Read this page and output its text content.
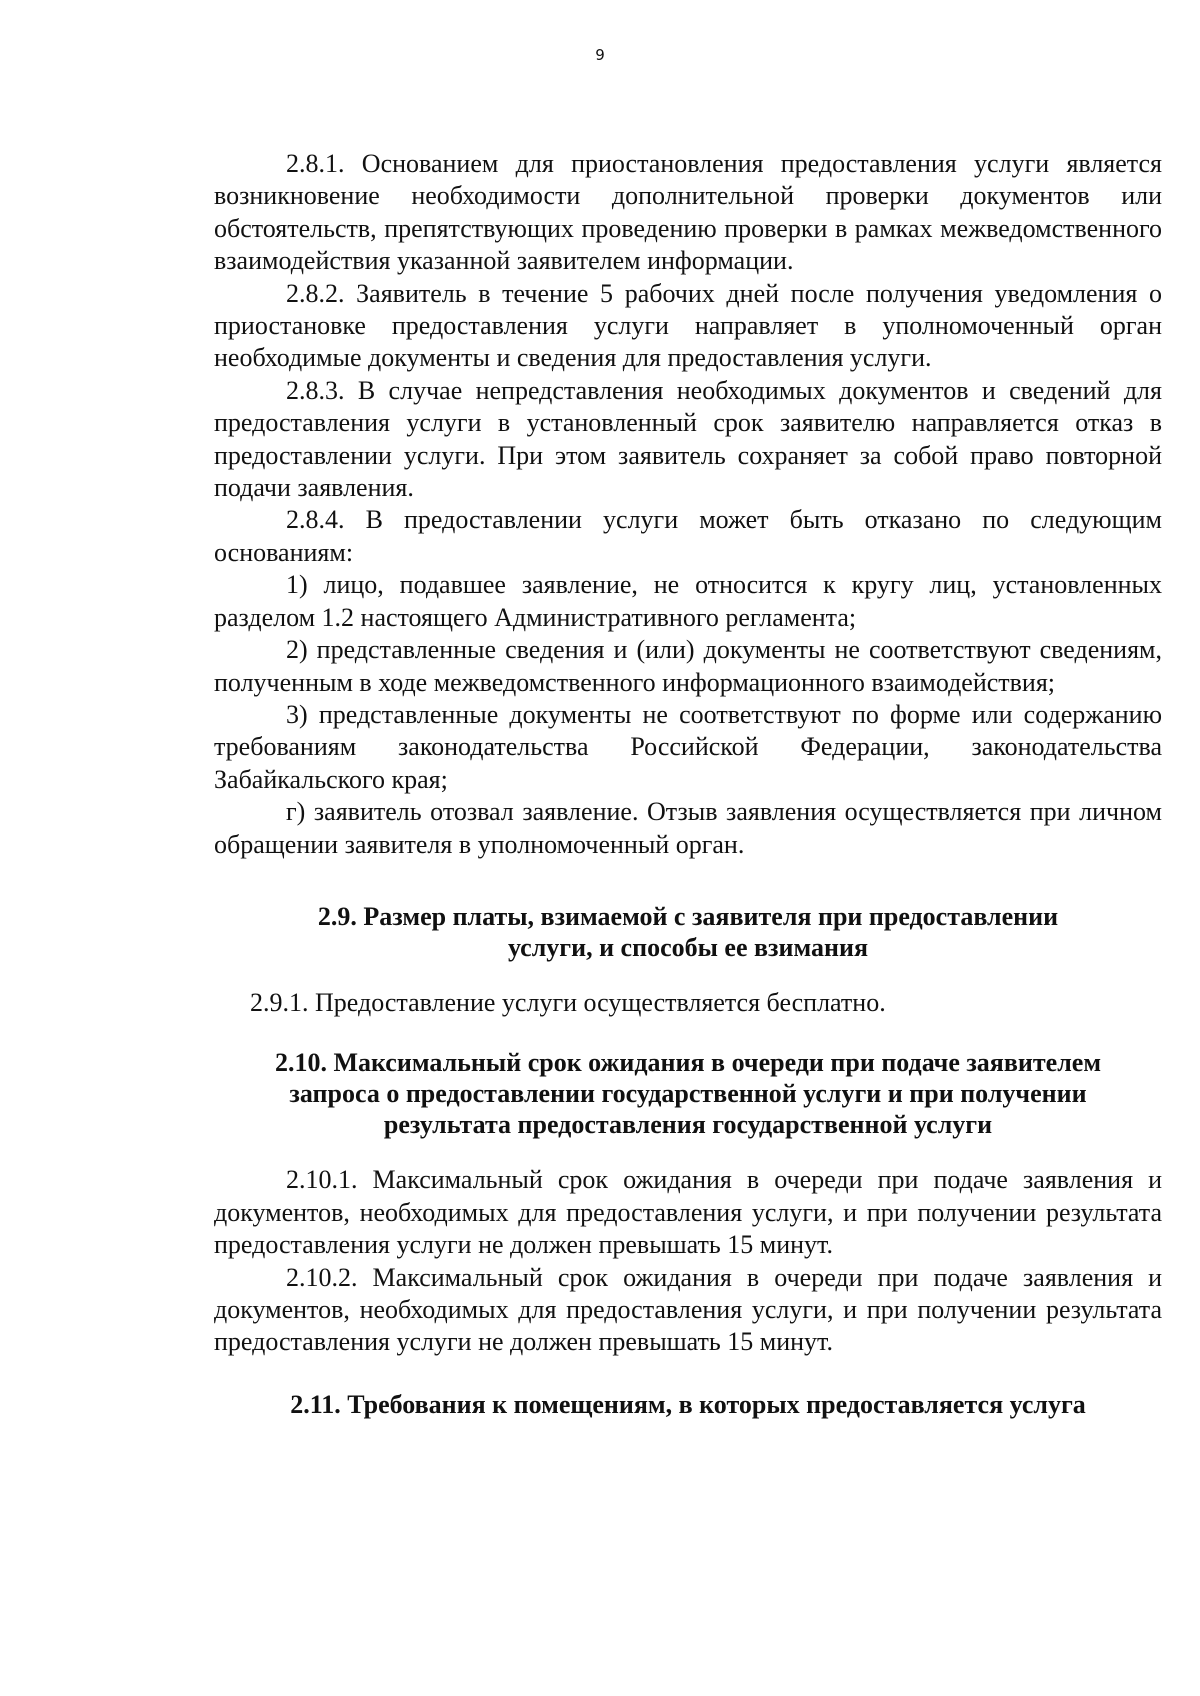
9

2.8.1. Основанием для приостановления предоставления услуги является возникновение необходимости дополнительной проверки документов или обстоятельств, препятствующих проведению проверки в рамках межведомственного взаимодействия указанной заявителем информации.

2.8.2. Заявитель в течение 5 рабочих дней после получения уведомления о приостановке предоставления услуги направляет в уполномоченный орган необходимые документы и сведения для предоставления услуги.

2.8.3. В случае непредставления необходимых документов и сведений для предоставления услуги в установленный срок заявителю направляется отказ в предоставлении услуги. При этом заявитель сохраняет за собой право повторной подачи заявления.

2.8.4. В предоставлении услуги может быть отказано по следующим основаниям:

1) лицо, подавшее заявление, не относится к кругу лиц, установленных разделом 1.2 настоящего Административного регламента;

2) представленные сведения и (или) документы не соответствуют сведениям, полученным в ходе межведомственного информационного взаимодействия;

3) представленные документы не соответствуют по форме или содержанию требованиям законодательства Российской Федерации, законодательства Забайкальского края;

г) заявитель отозвал заявление. Отзыв заявления осуществляется при личном обращении заявителя в уполномоченный орган.

2.9. Размер платы, взимаемой с заявителя при предоставлении
услуги, и способы ее взимания

2.9.1. Предоставление услуги осуществляется бесплатно.

2.10. Максимальный срок ожидания в очереди при подаче заявителем
запроса о предоставлении государственной услуги и при получении
результата предоставления государственной услуги

2.10.1. Максимальный срок ожидания в очереди при подаче заявления и документов, необходимых для предоставления услуги, и при получении результата предоставления услуги не должен превышать 15 минут.

2.10.2. Максимальный срок ожидания в очереди при подаче заявления и документов, необходимых для предоставления услуги, и при получении результата предоставления услуги не должен превышать 15 минут.

2.11. Требования к помещениям, в которых предоставляется услуга
